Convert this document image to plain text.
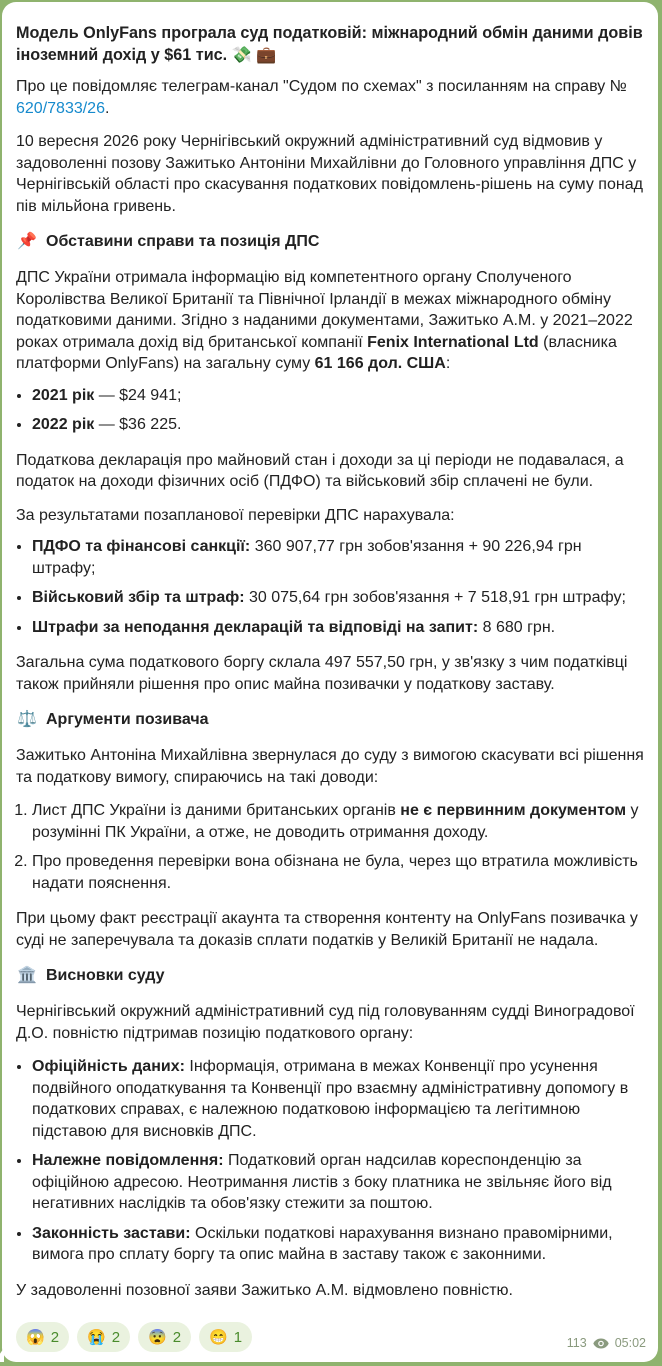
Модель OnlyFans програла суд податковій: міжнародний обмін даними довів іноземний дохід у $61 тис. 💸 💼

Про це повідомляє телеграм-канал "Судом по схемах" з посиланням на справу № 620/7833/26.

10 вересня 2026 року Чернігівський окружний адміністративний суд відмовив у задоволенні позову Зажитько Антоніни Михайлівни до Головного управління ДПС у Чернігівській області про скасування податкових повідомлень-рішень на суму понад пів мільйона гривень.

📌 Обставини справи та позиція ДПС

ДПС України отримала інформацію від компетентного органу Сполученого Королівства Великої Британії та Північної Ірландії в межах міжнародного обміну податковими даними. Згідно з наданими документами, Зажитько А.М. у 2021–2022 роках отримала дохід від британської компанії Fenix International Ltd (власника платформи OnlyFans) на загальну суму 61 166 дол. США:

• 2021 рік — $24 941;
• 2022 рік — $36 225.

Податкова декларація про майновий стан і доходи за ці періоди не подавалася, а податок на доходи фізичних осіб (ПДФО) та військовий збір сплачені не були.

За результатами позапланової перевірки ДПС нарахувала:

• ПДФО та фінансові санкції: 360 907,77 грн зобов'язання + 90 226,94 грн штрафу;
• Військовий збір та штраф: 30 075,64 грн зобов'язання + 7 518,91 грн штрафу;
• Штрафи за неподання декларацій та відповіді на запит: 8 680 грн.

Загальна сума податкового боргу склала 497 557,50 грн, у зв'язку з чим податківці також прийняли рішення про опис майна позивачки у податкову заставу.

⚖️ Аргументи позивача

Зажитько Антоніна Михайлівна звернулася до суду з вимогою скасувати всі рішення та податкову вимогу, спираючись на такі доводи:

1. Лист ДПС України із даними британських органів не є первинним документом у розумінні ПК України, а отже, не доводить отримання доходу.
2. Про проведення перевірки вона обізнана не була, через що втратила можливість надати пояснення.

При цьому факт реєстрації акаунта та створення контенту на OnlyFans позивачка у суді не заперечувала та доказів сплати податків у Великій Британії не надала.

🏛️ Висновки суду

Чернігівський окружний адміністративний суд під головуванням судді Виноградової Д.О. повністю підтримав позицію податкового органу:

• Офіційність даних: Інформація, отримана в межах Конвенції про усунення подвійного оподаткування та Конвенції про взаємну адміністративну допомогу в податкових справах, є належною податковою інформацією та легітимною підставою для висновків ДПС.
• Належне повідомлення: Податковий орган надсилав кореспонденцію за офіційною адресою. Неотримання листів з боку платника не звільняє його від негативних наслідків та обов'язку стежити за поштою.
• Законність застави: Оскільки податкові нарахування визнано правомірними, вимога про сплату боргу та опис майна в заставу також є законними.

У задоволенні позовної заяви Зажитько А.М. відмовлено повністю.

😱 2 😭 2 😨 2 😁 1	113 05:02
